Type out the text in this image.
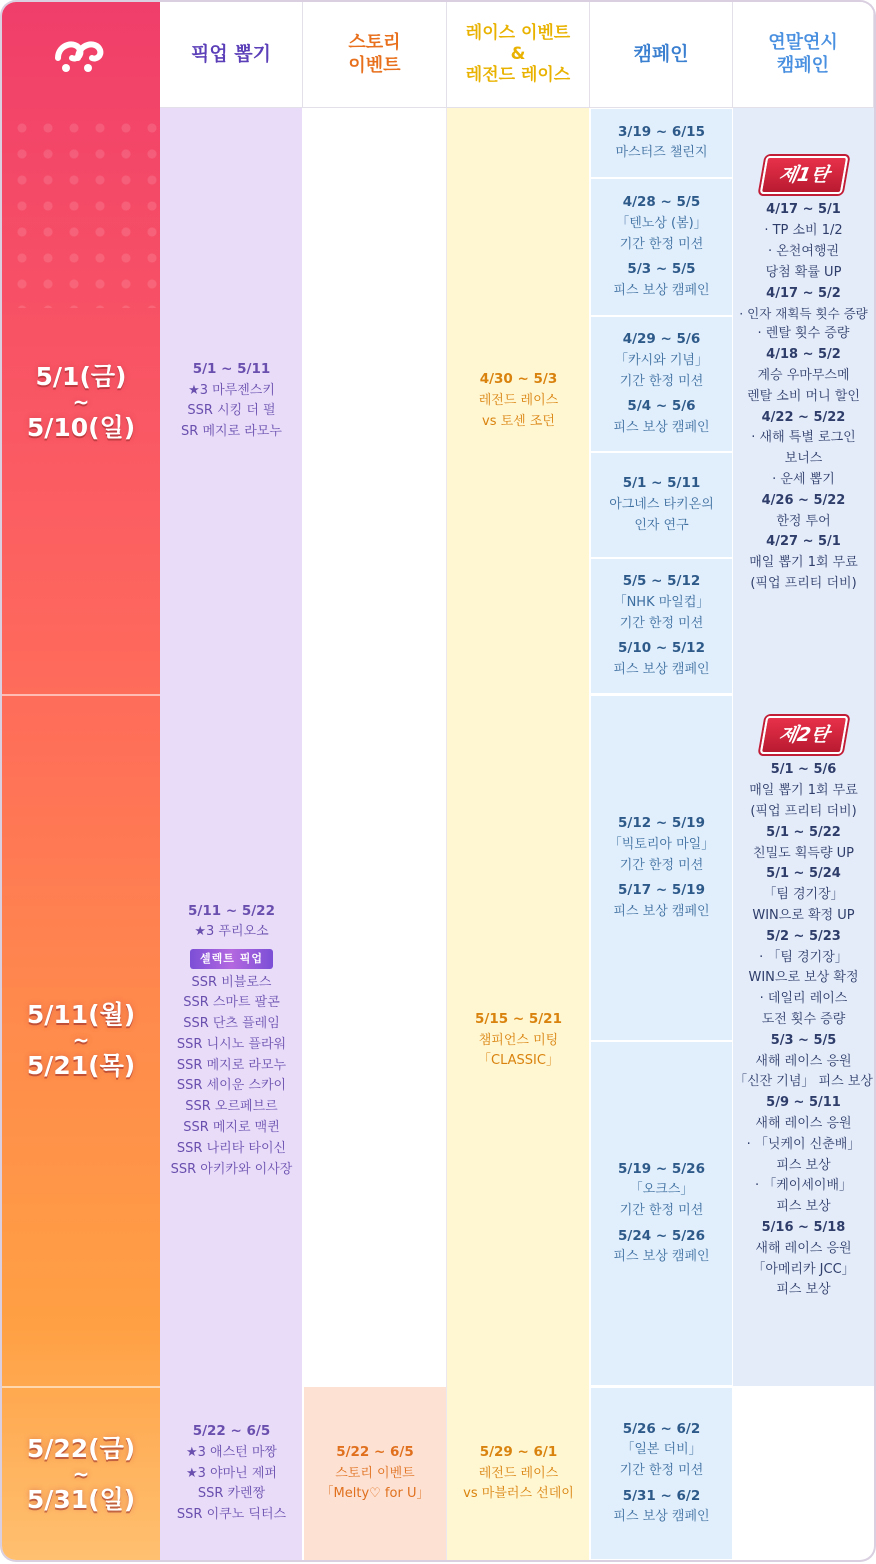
픽업 뽑기
스토리
이벤트
레이스 이벤트
&
레전드 레이스
캠페인
연말연시
캠페인
5/1(금)
~
5/10(일)
5/11(월)
~
5/21(목)
5/22(금)
~
5/31(일)
5/1 ~ 5/11
★3 마루젠스키
SSR 시킹 더 펄
SR 메지로 라모누
5/11 ~ 5/22
★3 푸리오소
셀렉트 픽업
SSR 비블로스
SSR 스마트 팔콘
SSR 단츠 플레임
SSR 니시노 플라워
SSR 메지로 라모누
SSR 세이운 스카이
SSR 오르페브르
SSR 메지로 맥퀸
SSR 나리타 타이신
SSR 아키카와 이사장
5/22 ~ 6/5
★3 애스턴 마짱
★3 야마닌 제퍼
SSR 카렌짱
SSR 이쿠노 딕터스
5/22 ~ 6/5
스토리 이벤트
「Melty♡ for U」
4/30 ~ 5/3
레전드 레이스
vs 토센 조던
5/15 ~ 5/21
챔피언스 미팅
「CLASSIC」
5/29 ~ 6/1
레전드 레이스
vs 마블러스 선데이
3/19 ~ 6/15
마스터즈 챌린지
4/28 ~ 5/5
「텐노상 (봄)」
기간 한정 미션
5/3 ~ 5/5
피스 보상 캠페인
4/29 ~ 5/6
「카시와 기념」
기간 한정 미션
5/4 ~ 5/6
피스 보상 캠페인
5/1 ~ 5/11
아그네스 타키온의
인자 연구
5/5 ~ 5/12
「NHK 마일컵」
기간 한정 미션
5/10 ~ 5/12
피스 보상 캠페인
5/12 ~ 5/19
「빅토리아 마일」
기간 한정 미션
5/17 ~ 5/19
피스 보상 캠페인
5/19 ~ 5/26
「오크스」
기간 한정 미션
5/24 ~ 5/26
피스 보상 캠페인
5/26 ~ 6/2
「일본 더비」
기간 한정 미션
5/31 ~ 6/2
피스 보상 캠페인
제1탄
4/17 ~ 5/1
· TP 소비 1/2
· 온천여행권
당첨 확률 UP
4/17 ~ 5/2
· 인자 재획득 횟수 증량
· 렌탈 횟수 증량
4/18 ~ 5/2
계승 우마무스메
렌탈 소비 머니 할인
4/22 ~ 5/22
· 새해 특별 로그인
보너스
· 운세 뽑기
4/26 ~ 5/22
한정 투어
4/27 ~ 5/1
매일 뽑기 1회 무료
(픽업 프리티 더비)
제2탄
5/1 ~ 5/6
매일 뽑기 1회 무료
(픽업 프리티 더비)
5/1 ~ 5/22
친밀도 획득량 UP
5/1 ~ 5/24
「팀 경기장」
WIN으로 확정 UP
5/2 ~ 5/23
· 「팀 경기장」
WIN으로 보상 확정
· 데일리 레이스
도전 횟수 증량
5/3 ~ 5/5
새해 레이스 응원
「신잔 기념」 피스 보상
5/9 ~ 5/11
새해 레이스 응원
· 「닛케이 신춘배」
피스 보상
· 「케이세이배」
피스 보상
5/16 ~ 5/18
새해 레이스 응원
「아메리카 JCC」
피스 보상
